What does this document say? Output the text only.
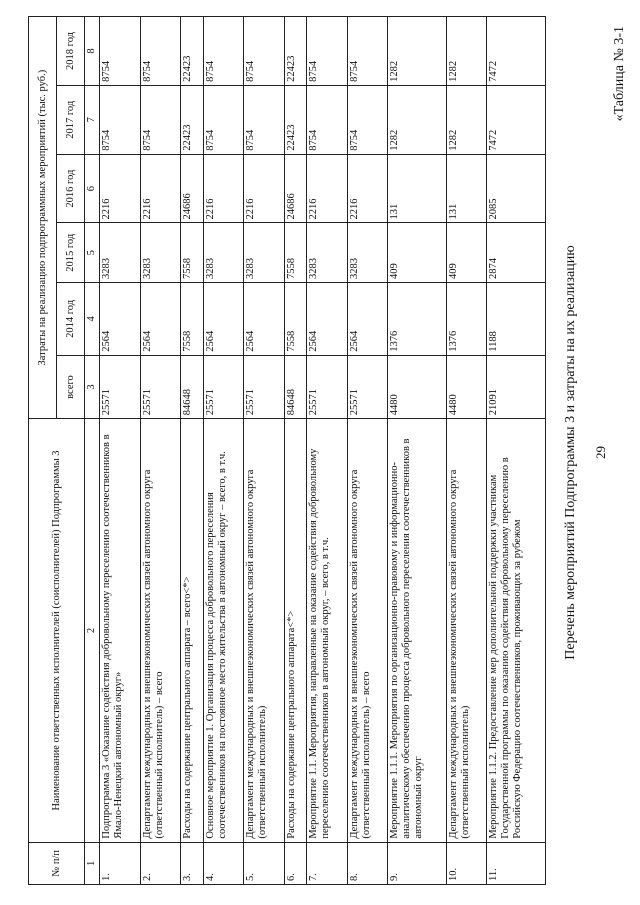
29
«Таблица № 3-1
Перечень мероприятий Подпрограммы 3 и затраты на их реализацию
№ п/п	Наименование ответственных исполнителей (соисполнителей) Подпрограммы 3	Затраты на реализацию подпрограммных мероприятий (тыс. руб.)					
		всего	2014 год	2015 год	2016 год	2017 год	2018 год
1	2	3	4	5	6	7	8
1.	Подпрограмма 3 «Оказание содействия добровольному переселению соотечественников в Ямало-Ненецкий автономный округ»	25571	2564	3283	2216	8754	8754
2.	Департамент международных и внешнеэкономических связей автономного округа (ответственный исполнитель) – всего	25571	2564	3283	2216	8754	8754
3.	Расходы на содержание центрального аппарата – всего<*>	84648	7558	7558	24686	22423	22423
4.	Основное мероприятие 1. Организация процесса добровольного переселения соотечественников на постоянное место жительства в автономный округ – всего, в т.ч.	25571	2564	3283	2216	8754	8754
5.	Департамент международных и внешнеэкономических связей автономного округа (ответственный исполнитель)	25571	2564	3283	2216	8754	8754
6.	Расходы на содержание центрального аппарата<*>	84648	7558	7558	24686	22423	22423
7.	Мероприятие 1.1. Мероприятия, направленные на оказание содействия добровольному переселению соотечественников в автономный округ, – всего, в т.ч.	25571	2564	3283	2216	8754	8754
8.	Департамент международных и внешнеэкономических связей автономного округа (ответственный исполнитель) – всего	25571	2564	3283	2216	8754	8754
9.	Мероприятие 1.1.1. Мероприятия по организационно-правовому и информационно-аналитическому обеспечению процесса добровольного переселения соотечественников в автономный округ	4480	1376	409	131	1282	1282
10.	Департамент международных и внешнеэкономических связей автономного округа (ответственный исполнитель)	4480	1376	409	131	1282	1282
11.	Мероприятие 1.1.2. Предоставление мер дополнительной поддержки участникам Государственной программы по оказанию содействия добровольному переселению в Российскую Федерацию соотечественников, проживающих за рубежом	21091	1188	2874	2085	7472	7472
